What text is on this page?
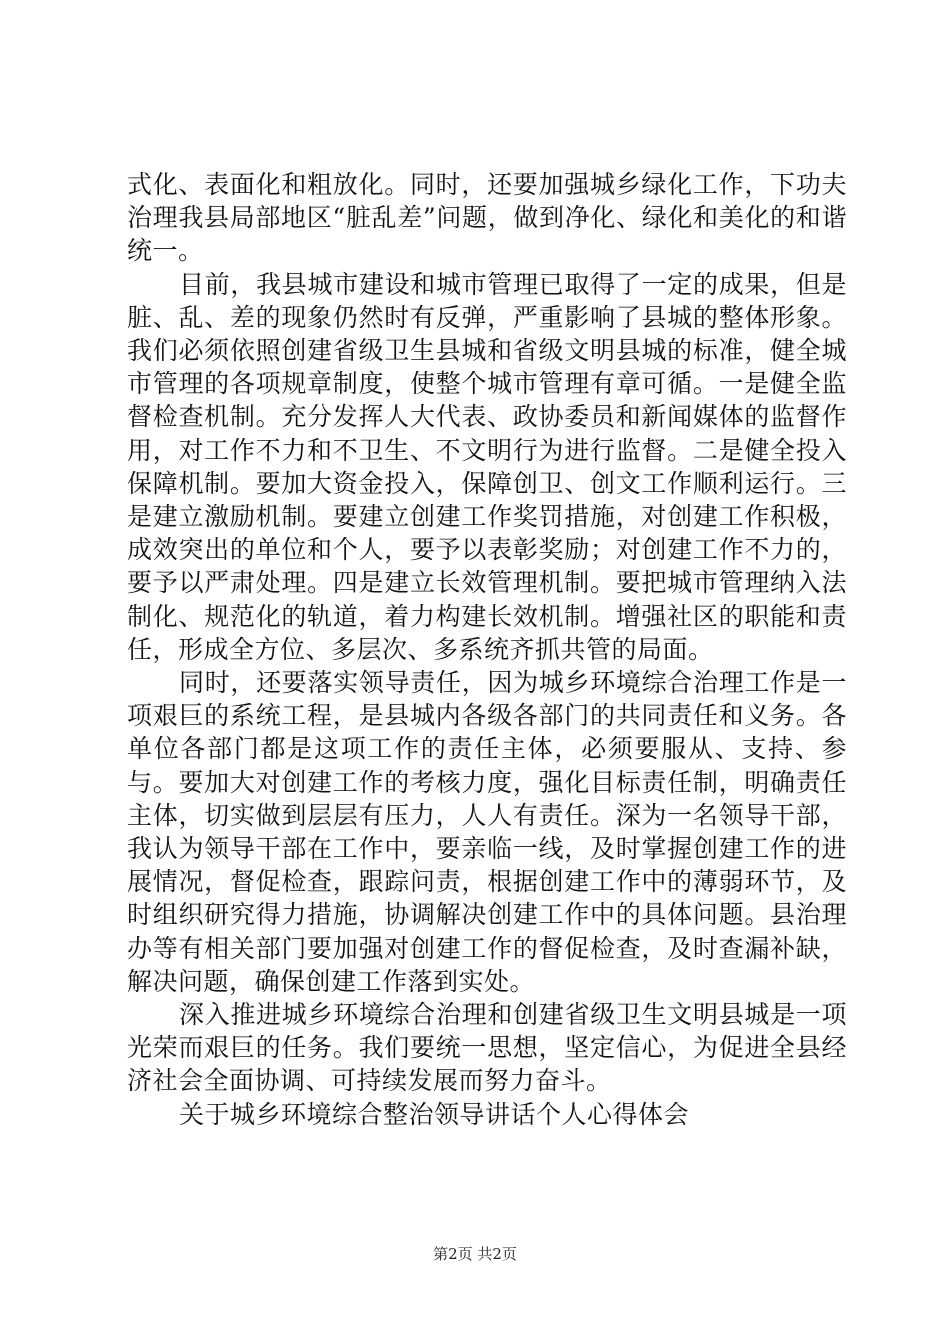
式化、表面化和粗放化。同时，还要加强城乡绿化工作，下功夫治理我县局部地区“脏乱差”问题，做到净化、绿化和美化的和谐统一。

目前，我县城市建设和城市管理已取得了一定的成果，但是脏、乱、差的现象仍然时有反弹，严重影响了县城的整体形象。我们必须依照创建省级卫生县城和省级文明县城的标准，健全城市管理的各项规章制度，使整个城市管理有章可循。一是健全监督检查机制。充分发挥人大代表、政协委员和新闻媒体的监督作用，对工作不力和不卫生、不文明行为进行监督。二是健全投入保障机制。要加大资金投入，保障创卫、创文工作顺利运行。三是建立激励机制。要建立创建工作奖罚措施，对创建工作积极，成效突出的单位和个人，要予以表彰奖励；对创建工作不力的，要予以严肃处理。四是建立长效管理机制。要把城市管理纳入法制化、规范化的轨道，着力构建长效机制。增强社区的职能和责任，形成全方位、多层次、多系统齐抓共管的局面。

同时，还要落实领导责任，因为城乡环境综合治理工作是一项艰巨的系统工程，是县城内各级各部门的共同责任和义务。各单位各部门都是这项工作的责任主体，必须要服从、支持、参与。要加大对创建工作的考核力度，强化目标责任制，明确责任主体，切实做到层层有压力，人人有责任。深为一名领导干部，我认为领导干部在工作中，要亲临一线，及时掌握创建工作的进展情况，督促检查，跟踪问责，根据创建工作中的薄弱环节，及时组织研究得力措施，协调解决创建工作中的具体问题。县治理办等有相关部门要加强对创建工作的督促检查，及时查漏补缺，解决问题，确保创建工作落到实处。

深入推进城乡环境综合治理和创建省级卫生文明县城是一项光荣而艰巨的任务。我们要统一思想，坚定信心，为促进全县经济社会全面协调、可持续发展而努力奋斗。

关于城乡环境综合整治领导讲话个人心得体会

第2页 共2页
